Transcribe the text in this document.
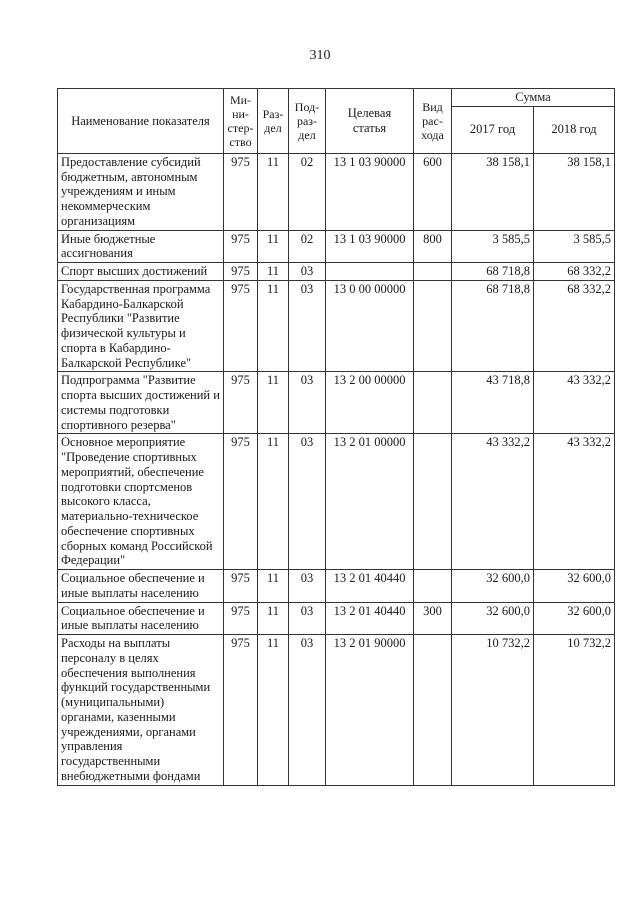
310
Наименование показателя	Ми-
ни-
стер-
ство	Раз-
дел	Под-
раз-
дел	Целевая
статья	Вид
рас-
хода	Сумма	
						2017 год	2018 год
Предоставление субсидий бюджетным, автономным учреждениям и иным некоммерческим организациям	975	11	02	13 1 03 90000	600	38 158,1	38 158,1
Иные бюджетные ассигнования	975	11	02	13 1 03 90000	800	3 585,5	3 585,5
Спорт высших достижений	975	11	03			68 718,8	68 332,2
Государственная программа Кабардино-Балкарской Республики "Развитие физической культуры и спорта в Кабардино-Балкарской Республике"	975	11	03	13 0 00 00000		68 718,8	68 332,2
Подпрограмма "Развитие спорта высших достижений и системы подготовки спортивного резерва"	975	11	03	13 2 00 00000		43 718,8	43 332,2
Основное мероприятие "Проведение спортивных мероприятий, обеспечение подготовки спортсменов высокого класса, материально-техническое обеспечение спортивных сборных команд Российской Федерации"	975	11	03	13 2 01 00000		43 332,2	43 332,2
Социальное обеспечение и иные выплаты населению	975	11	03	13 2 01 40440		32 600,0	32 600,0
Социальное обеспечение и иные выплаты населению	975	11	03	13 2 01 40440	300	32 600,0	32 600,0
Расходы на выплаты персоналу в целях обеспечения выполнения функций государственными (муниципальными) органами, казенными учреждениями, органами управления государственными внебюджетными фондами	975	11	03	13 2 01 90000		10 732,2	10 732,2
